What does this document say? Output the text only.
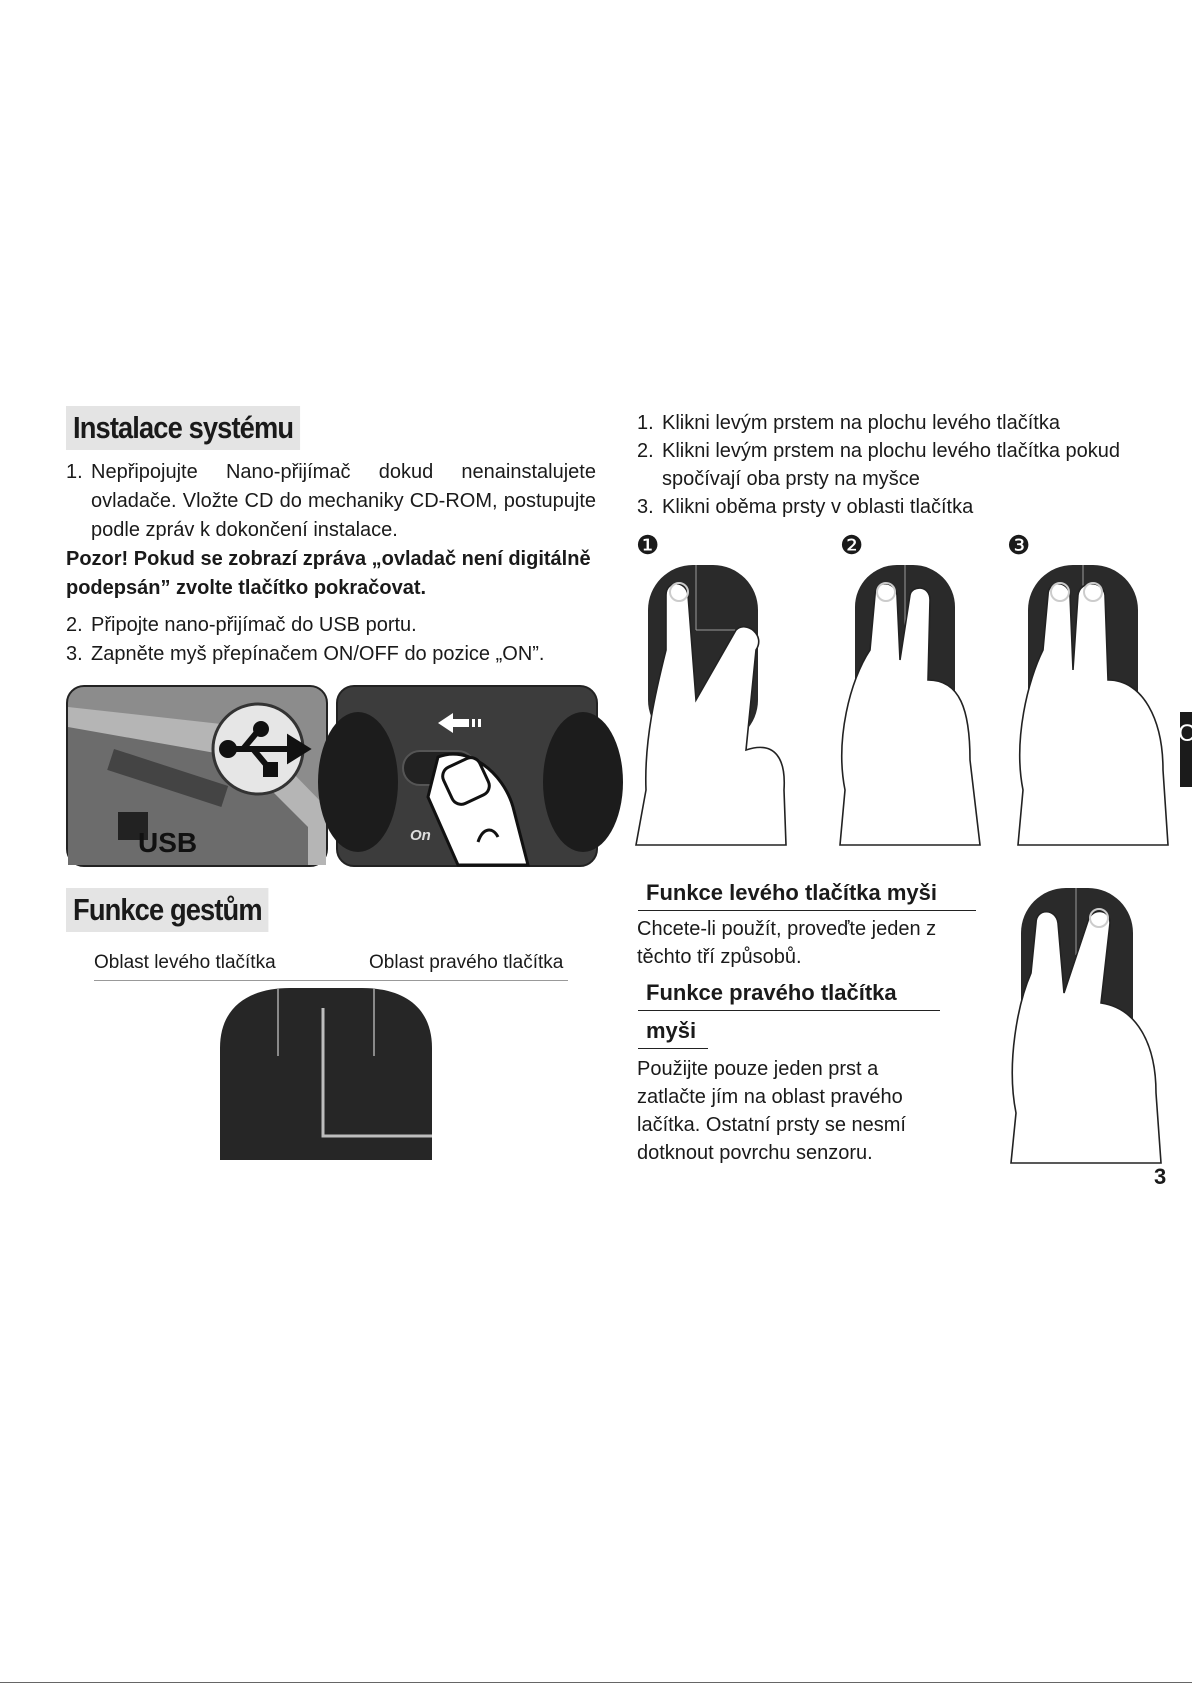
Instalace systému
1. Nepřipojujte Nano-přijímač dokud nenainstalujete ovladače. Vložte CD do mechaniky CD-ROM, postupujte podle zpráv k dokončení instalace.
Pozor! Pokud se zobrazí zpráva „ovladač není digitálně podepsán” zvolte tlačítko pokračovat.
2. Připojte nano-přijímač do USB portu.
3. Zapněte myš přepínačem ON/OFF do pozice „ON”.
USB	On
Funkce gestům
Oblast levého tlačítka	Oblast pravého tlačítka
1. Klikni levým prstem na plochu levého tlačítka
2. Klikni levým prstem na plochu levého tlačítka pokud spočívají oba prsty na myšce
3. Klikni oběma prsty v oblasti tlačítka
❶	❷	❸
Funkce levého tlačítka myši
Chcete-li použít, proveďte jeden z těchto tří způsobů.
Funkce pravého tlačítka
myši
Použijte pouze jeden prst a zatlačte jím na oblast pravého lačítka. Ostatní prsty se nesmí dotknout povrchu senzoru.
C
3
